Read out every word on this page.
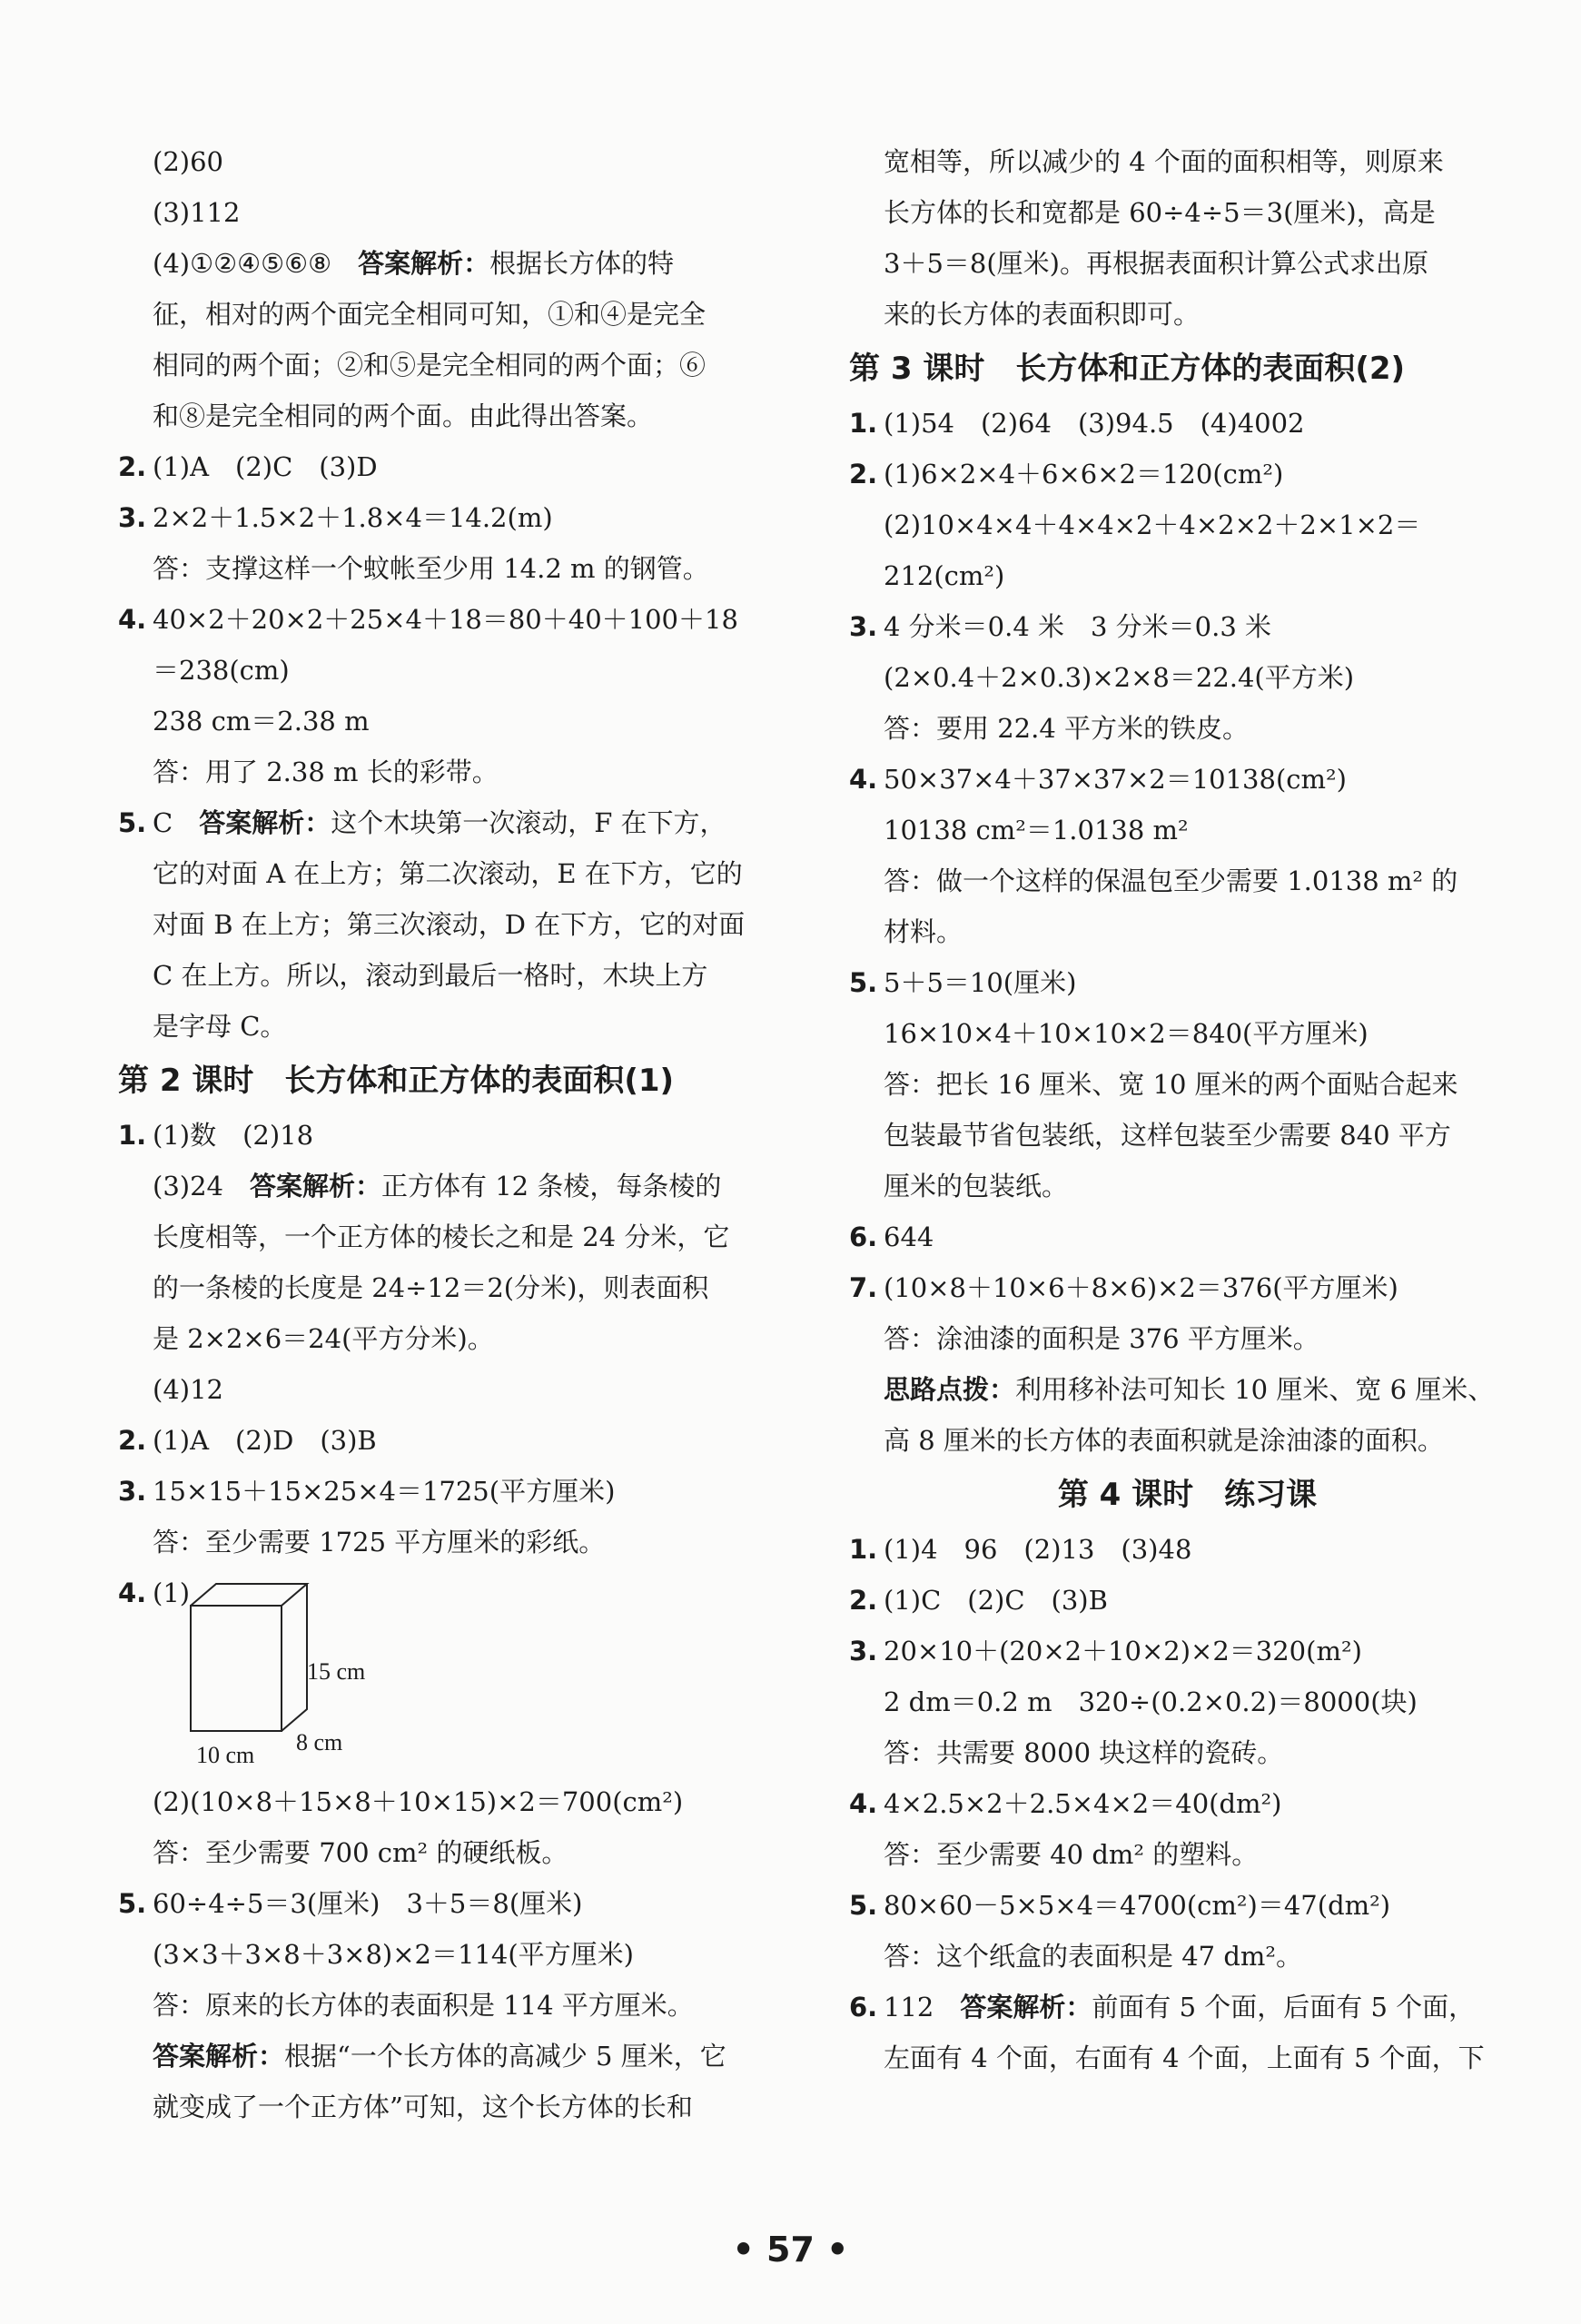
(2)60
(3)112
(4)①②④⑤⑥⑧　 答案解析：根据长方体的特
征，相对的两个面完全相同可知，①和④是完全
相同的两个面；②和⑤是完全相同的两个面；⑥
和⑧是完全相同的两个面。由此得出答案。
2. (1)A　(2)C　(3)D
3. 2×2＋1.5×2＋1.8×4＝14.2(m)
答：支撑这样一个蚊帐至少用 14.2 m 的钢管。
4. 40×2＋20×2＋25×4＋18＝80＋40＋100＋18
＝238(cm)
238 cm＝2.38 m
答：用了 2.38 m 长的彩带。
5. C　答案解析：这个木块第一次滚动，F 在下方，
它的对面 A 在上方；第二次滚动，E 在下方，它的
对面 B 在上方；第三次滚动，D 在下方，它的对面
C 在上方。所以，滚动到最后一格时，木块上方
是字母 C。
第 2 课时　长方体和正方体的表面积(1)
1. (1)数　(2)18
(3)24　答案解析：正方体有 12 条棱，每条棱的
长度相等，一个正方体的棱长之和是 24 分米，它
的一条棱的长度是 24÷12＝2(分米)，则表面积
是 2×2×6＝24(平方分米)。
(4)12
2. (1)A　(2)D　(3)B
3. 15×15＋15×25×4＝1725(平方厘米)
答：至少需要 1725 平方厘米的彩纸。
4. (1)
15 cm
8 cm
10 cm
(2)(10×8＋15×8＋10×15)×2＝700(cm²)
答：至少需要 700 cm² 的硬纸板。
5. 60÷4÷5＝3(厘米)　3＋5＝8(厘米)
(3×3＋3×8＋3×8)×2＝114(平方厘米)
答：原来的长方体的表面积是 114 平方厘米。
答案解析：根据“一个长方体的高减少 5 厘米，它
就变成了一个正方体”可知，这个长方体的长和
宽相等，所以减少的 4 个面的面积相等，则原来
长方体的长和宽都是 60÷4÷5＝3(厘米)，高是
3＋5＝8(厘米)。再根据表面积计算公式求出原
来的长方体的表面积即可。
第 3 课时　长方体和正方体的表面积(2)
1. (1)54　(2)64　(3)94.5　(4)4002
2. (1)6×2×4＋6×6×2＝120(cm²)
(2)10×4×4＋4×4×2＋4×2×2＋2×1×2＝
212(cm²)
3. 4 分米＝0.4 米　3 分米＝0.3 米
(2×0.4＋2×0.3)×2×8＝22.4(平方米)
答：要用 22.4 平方米的铁皮。
4. 50×37×4＋37×37×2＝10138(cm²)
10138 cm²＝1.0138 m²
答：做一个这样的保温包至少需要 1.0138 m² 的
材料。
5. 5＋5＝10(厘米)
16×10×4＋10×10×2＝840(平方厘米)
答：把长 16 厘米、宽 10 厘米的两个面贴合起来
包装最节省包装纸，这样包装至少需要 840 平方
厘米的包装纸。
6. 644
7. (10×8＋10×6＋8×6)×2＝376(平方厘米)
答：涂油漆的面积是 376 平方厘米。
思路点拨：利用移补法可知长 10 厘米、宽 6 厘米、
高 8 厘米的长方体的表面积就是涂油漆的面积。
第 4 课时　练习课
1. (1)4　96　(2)13　(3)48
2. (1)C　(2)C　(3)B
3. 20×10＋(20×2＋10×2)×2＝320(m²)
2 dm＝0.2 m　320÷(0.2×0.2)＝8000(块)
答：共需要 8000 块这样的瓷砖。
4. 4×2.5×2＋2.5×4×2＝40(dm²)
答：至少需要 40 dm² 的塑料。
5. 80×60－5×5×4＝4700(cm²)＝47(dm²)
答：这个纸盒的表面积是 47 dm²。
6. 112　答案解析：前面有 5 个面，后面有 5 个面，
左面有 4 个面，右面有 4 个面，上面有 5 个面，下
• 57 •
